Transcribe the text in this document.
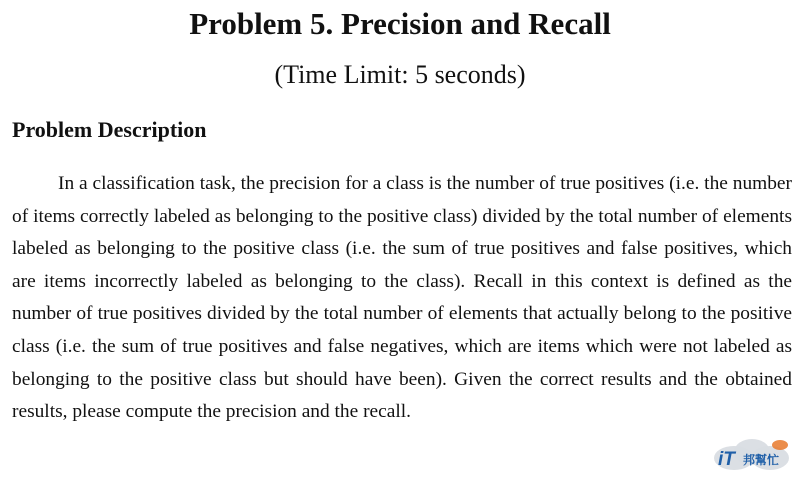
Problem 5. Precision and Recall
(Time Limit: 5 seconds)
Problem Description

In a classification task, the precision for a class is the number of true positives (i.e. the number of items correctly labeled as belonging to the positive class) divided by the total number of elements labeled as belonging to the positive class (i.e. the sum of true positives and false positives, which are items incorrectly labeled as belonging to the class). Recall in this context is defined as the number of true positives divided by the total number of elements that actually belong to the positive class (i.e. the sum of true positives and false negatives, which are items which were not labeled as belonging to the positive class but should have been). Given the correct results and the obtained results, please compute the precision and the recall.

iT 邦幫忙
